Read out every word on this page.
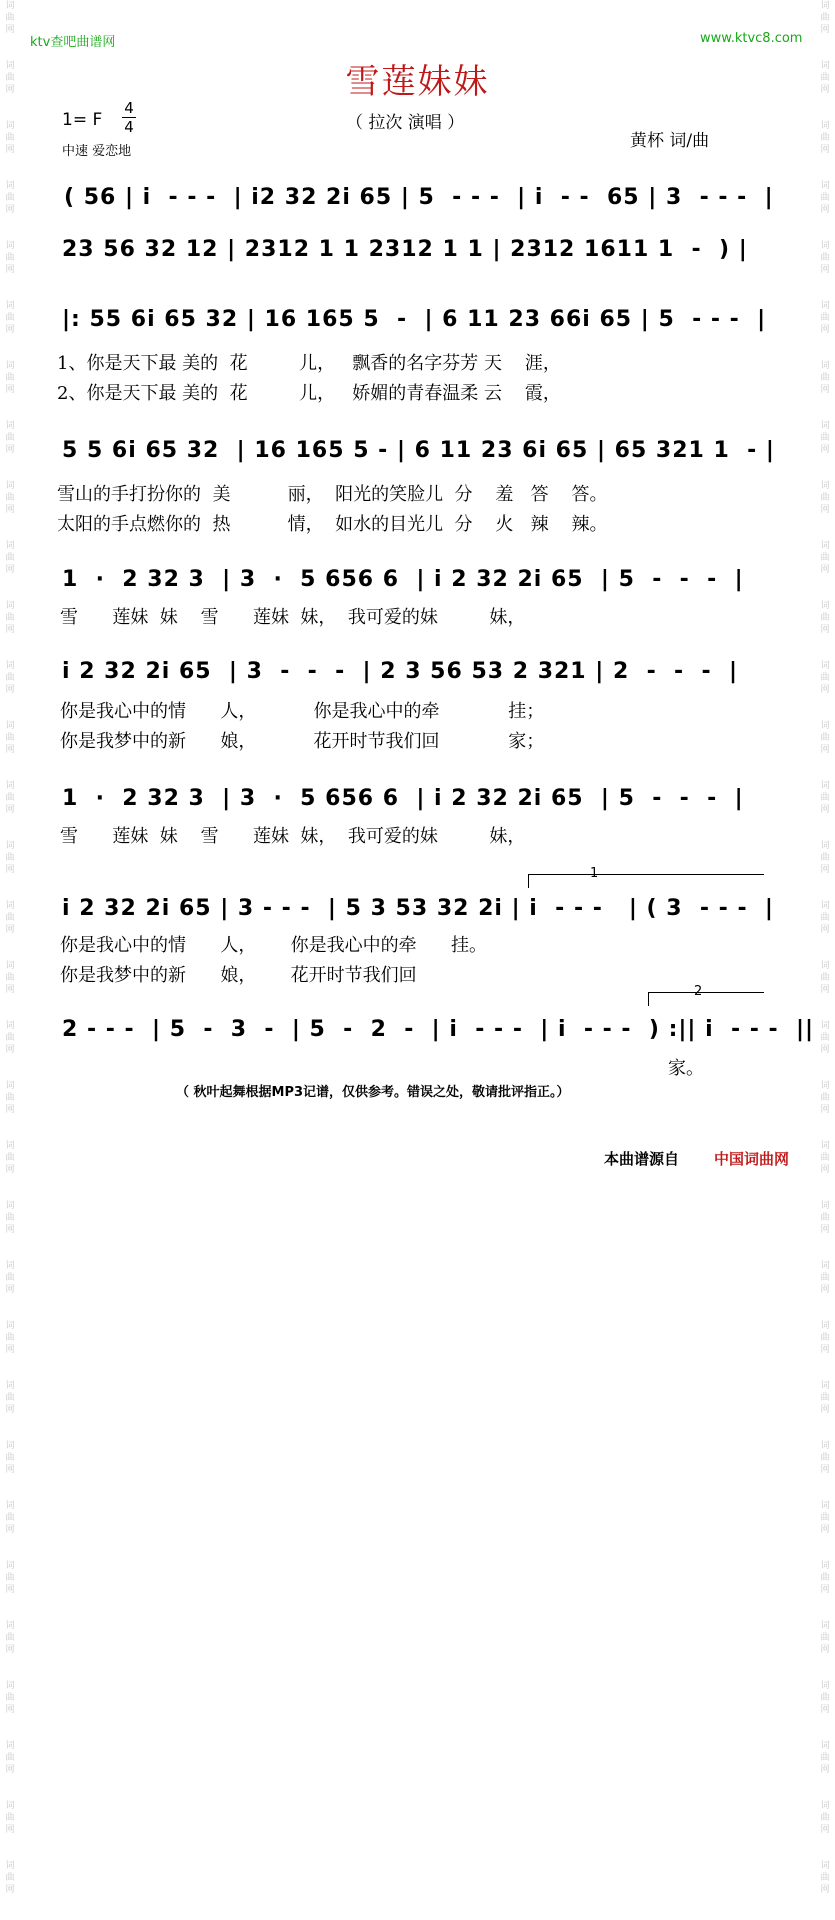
词
曲
网
词
曲
网
词
曲
网
词
曲
网
词
曲
网
词
曲
网
词
曲
网
词
曲
网
词
曲
网
词
曲
网
词
曲
网
词
曲
网
词
曲
网
词
曲
网
词
曲
网
词
曲
网
词
曲
网
词
曲
网
词
曲
网
词
曲
网
词
曲
网
词
曲
网
词
曲
网
词
曲
网
词
曲
网
词
曲
网
词
曲
网
词
曲
网
词
曲
网
词
曲
网
词
曲
网
词
曲
网
词
曲
网
词
曲
网
词
曲
网
词
曲
网
词
曲
网
词
曲
网
词
曲
网
词
曲
网
词
曲
网
词
曲
网
词
曲
网
词
曲
网
词
曲
网
词
曲
网
词
曲
网
词
曲
网
词
曲
网
词
曲
网
词
曲
网
词
曲
网
词
曲
网
词
曲
网
词
曲
网
词
曲
网
词
曲
网
词
曲
网
词
曲
网
词
曲
网
词
曲
网
词
曲
网
词
曲
网
词
曲
网
ktv查吧曲谱网	www.ktvc8.com
雪莲妹妹
1= F
4
4
中速 爱恋地
（ 拉次 演唱 ）
黄杯 词/曲
( 56 | i  - - -  | i2 32 2i 65 | 5  - - -  | i  - -  65 | 3  - - -  |
23 56 32 12 | 2312 1 1 2312 1 1 | 2312 1611 1  -  ) |
|: 55 6i 65 32 | 16 165 5  -  | 6 11 23 66i 65 | 5  - - -  |
1、你是天下最 美的  花         儿，   飘香的名字芬芳 天    涯，
2、你是天下最 美的  花         儿，   娇媚的青春温柔 云    霞，
5 5 6i 65 32  | 16 165 5 - | 6 11 23 6i 65 | 65 321 1  - |
雪山的手打扮你的  美          丽，  阳光的笑脸儿  分    羞   答    答。
太阳的手点燃你的  热          情，  如水的目光儿  分    火   辣    辣。
1  ·  2 32 3  | 3  ·  5 656 6  | i 2 32 2i 65  | 5  -  -  -  |
雪      莲妹  妹    雪      莲妹  妹，  我可爱的妹         妹，
i 2 32 2i 65  | 3  -  -  -  | 2 3 56 53 2 321 | 2  -  -  -  |
你是我心中的情      人，          你是我心中的牵            挂；
你是我梦中的新      娘，          花开时节我们回            家；
1  ·  2 32 3  | 3  ·  5 656 6  | i 2 32 2i 65  | 5  -  -  -  |
雪      莲妹  妹    雪      莲妹  妹，  我可爱的妹         妹，
1
i 2 32 2i 65 | 3 - - -  | 5 3 53 32 2i | i  - - -   | ( 3  - - -  |
你是我心中的情      人，      你是我心中的牵      挂。
你是我梦中的新      娘，      花开时节我们回
2
2 - - -  | 5  -  3  -  | 5  -  2  -  | i  - - -  | i  - - -  ) :|| i  - - -  ||
家。
（ 秋叶起舞根据MP3记谱，仅供参考。错误之处，敬请批评指正。）
本曲谱源自 中国词曲网
